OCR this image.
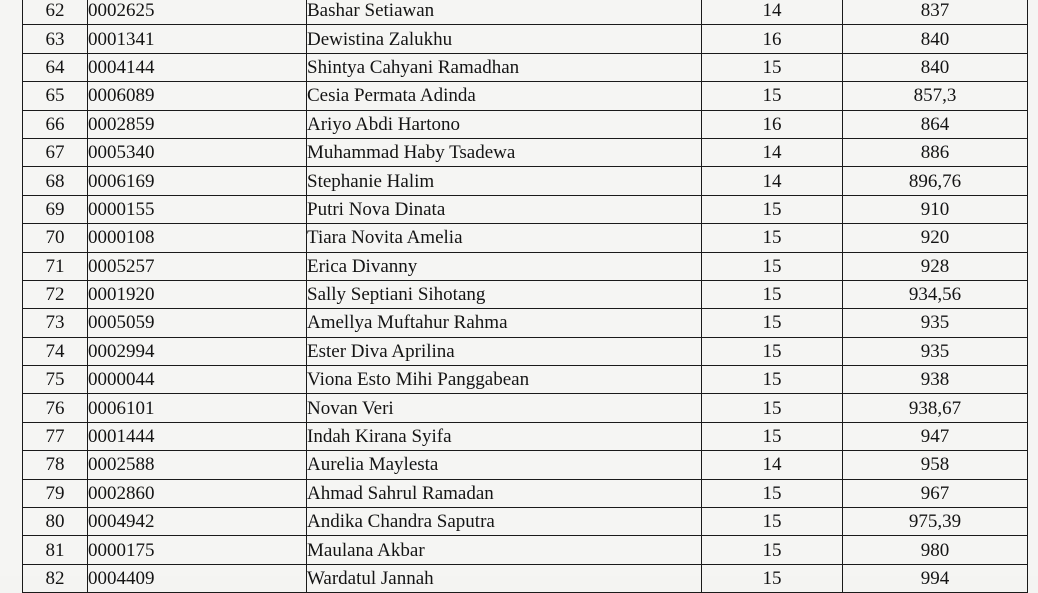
62	0002625	Bashar Setiawan	14	837
63	0001341	Dewistina Zalukhu	16	840
64	0004144	Shintya Cahyani Ramadhan	15	840
65	0006089	Cesia Permata Adinda	15	857,3
66	0002859	Ariyo Abdi Hartono	16	864
67	0005340	Muhammad Haby Tsadewa	14	886
68	0006169	Stephanie Halim	14	896,76
69	0000155	Putri Nova Dinata	15	910
70	0000108	Tiara Novita Amelia	15	920
71	0005257	Erica Divanny	15	928
72	0001920	Sally Septiani Sihotang	15	934,56
73	0005059	Amellya Muftahur Rahma	15	935
74	0002994	Ester Diva Aprilina	15	935
75	0000044	Viona Esto Mihi Panggabean	15	938
76	0006101	Novan Veri	15	938,67
77	0001444	Indah Kirana Syifa	15	947
78	0002588	Aurelia Maylesta	14	958
79	0002860	Ahmad Sahrul Ramadan	15	967
80	0004942	Andika Chandra Saputra	15	975,39
81	0000175	Maulana Akbar	15	980
82	0004409	Wardatul Jannah	15	994
